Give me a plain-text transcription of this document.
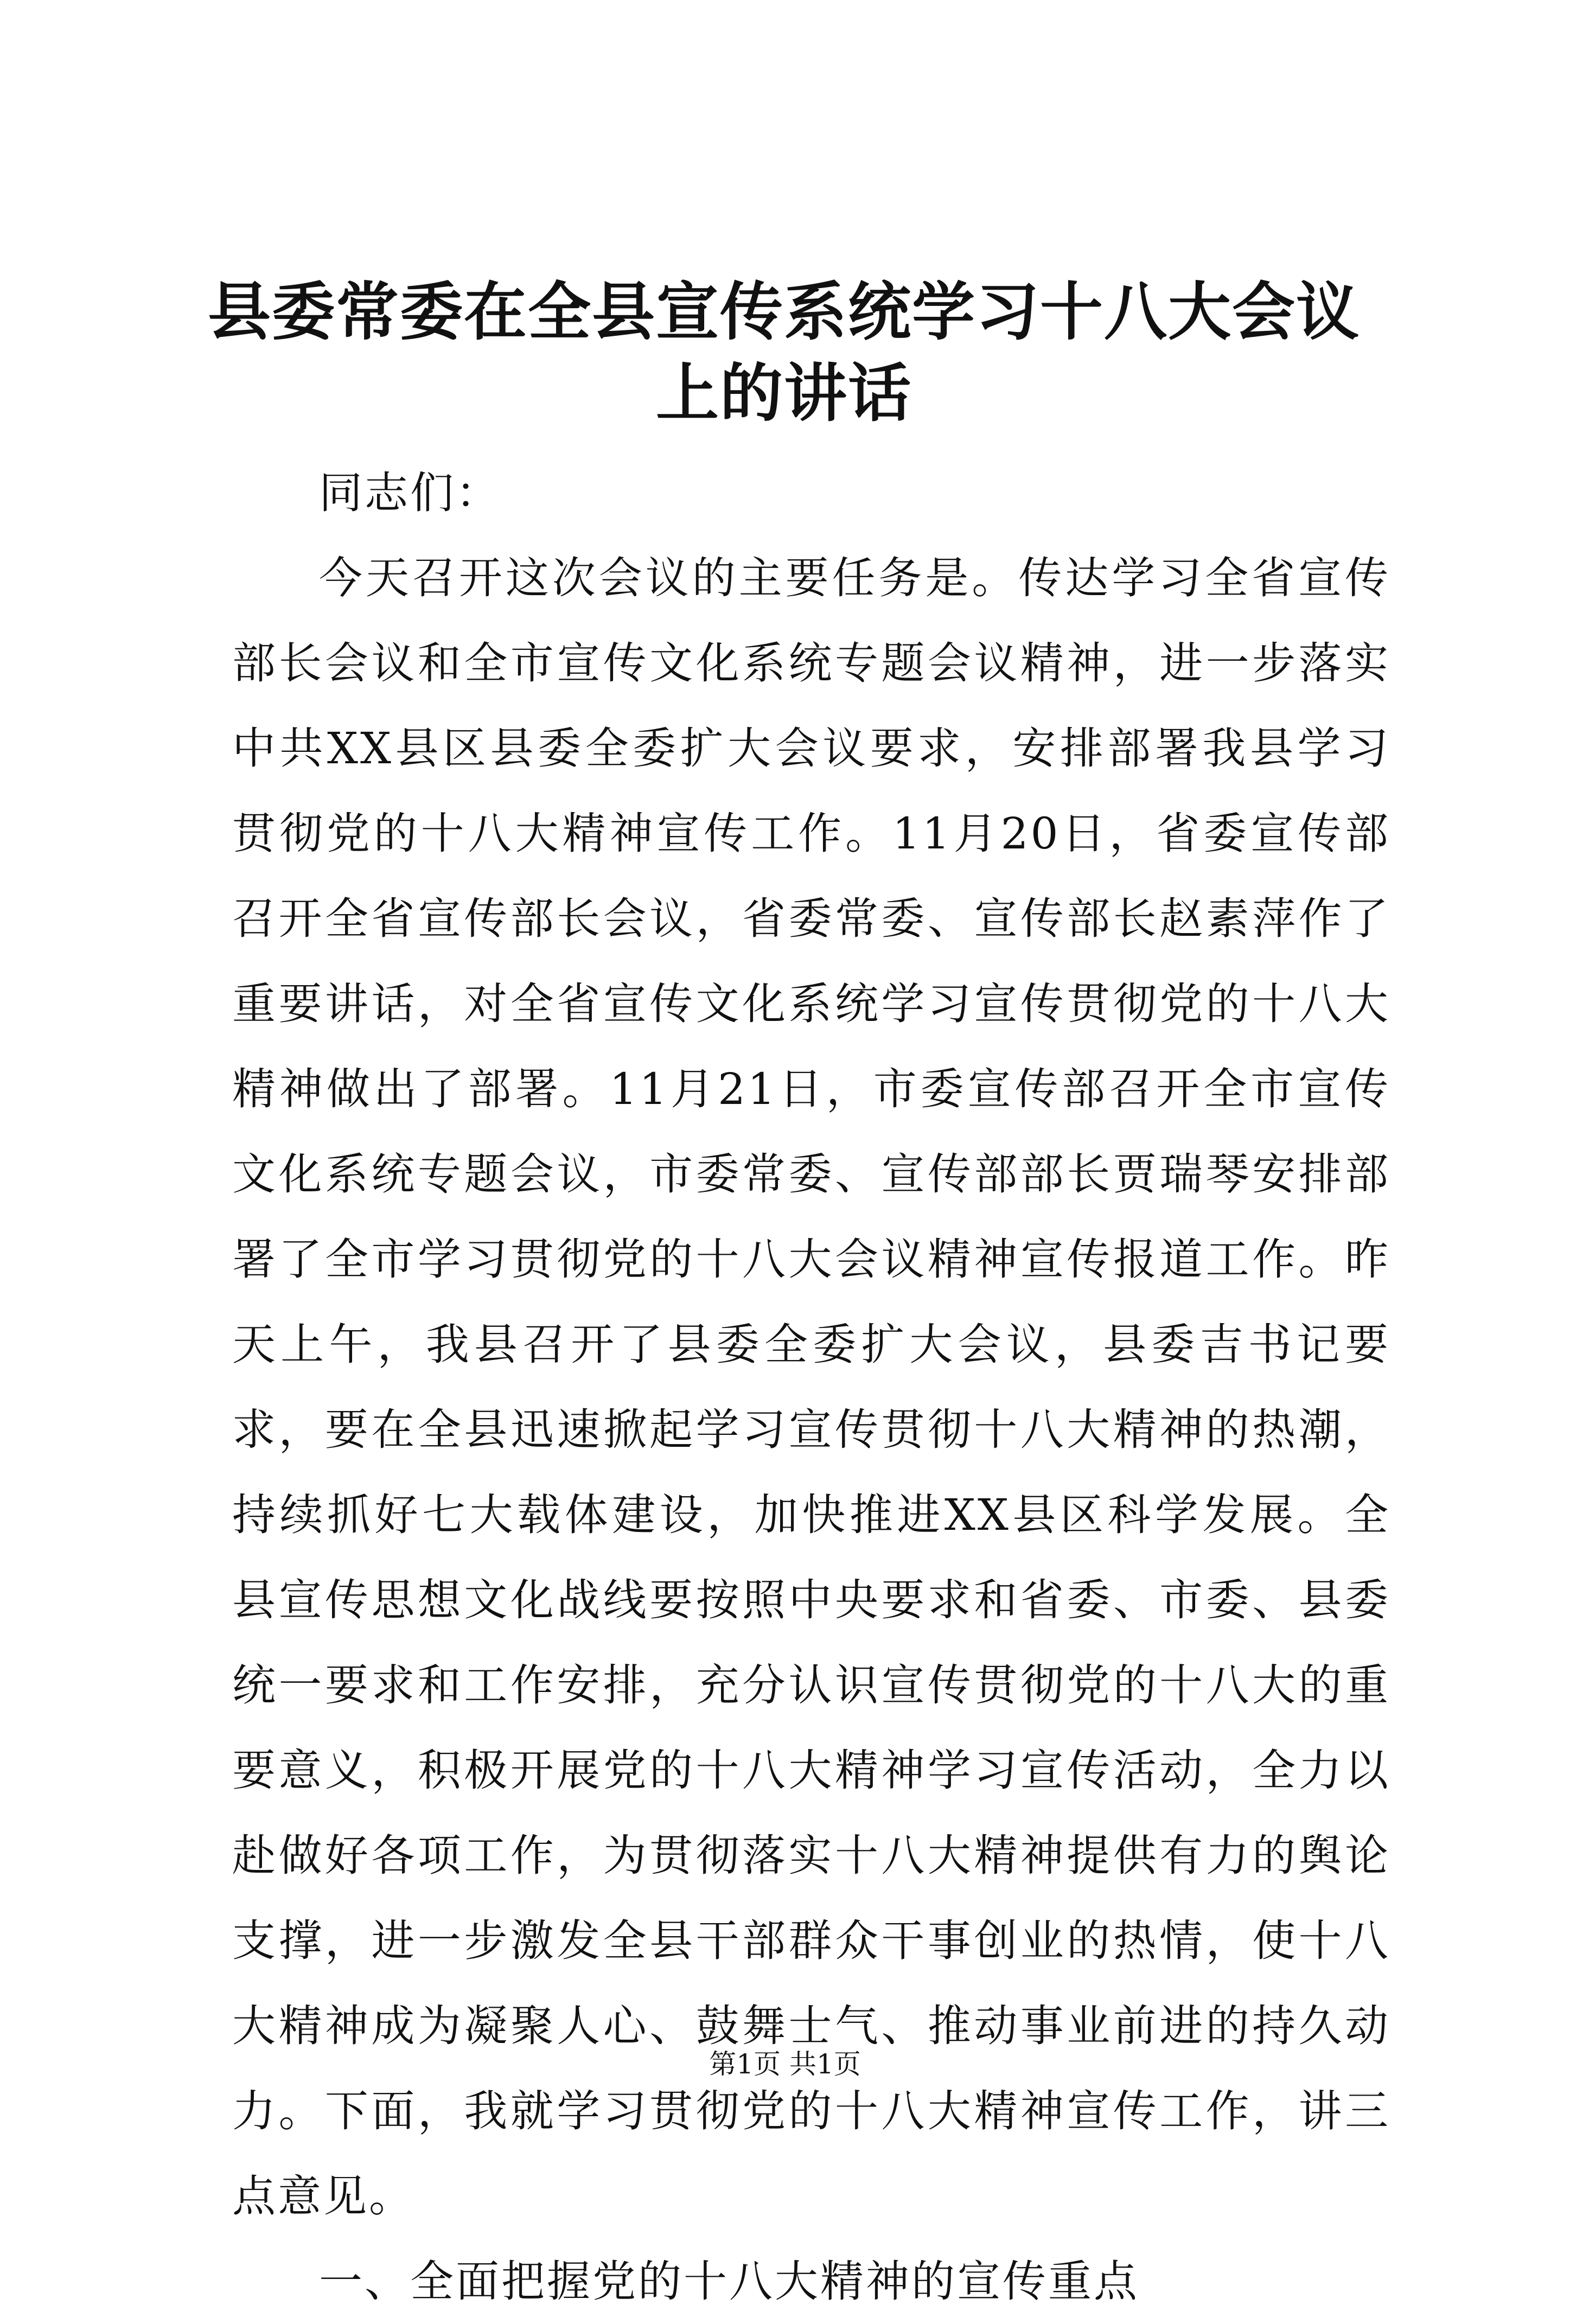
县委常委在全县宣传系统学习十八大会议上的讲话

同志们：

今天召开这次会议的主要任务是。传达学习全省宣传部长会议和全市宣传文化系统专题会议精神，进一步落实中共XX县区县委全委扩大会议要求，安排部署我县学习贯彻党的十八大精神宣传工作。11月20日，省委宣传部召开全省宣传部长会议，省委常委、宣传部长赵素萍作了重要讲话，对全省宣传文化系统学习宣传贯彻党的十八大精神做出了部署。11月21日，市委宣传部召开全市宣传文化系统专题会议，市委常委、宣传部部长贾瑞琴安排部署了全市学习贯彻党的十八大会议精神宣传报道工作。昨天上午，我县召开了县委全委扩大会议，县委吉书记要求，要在全县迅速掀起学习宣传贯彻十八大精神的热潮，持续抓好七大载体建设，加快推进XX县区科学发展。全县宣传思想文化战线要按照中央要求和省委、市委、县委统一要求和工作安排，充分认识宣传贯彻党的十八大的重要意义，积极开展党的十八大精神学习宣传活动，全力以赴做好各项工作，为贯彻落实十八大精神提供有力的舆论支撑，进一步激发全县干部群众干事创业的热情，使十八大精神成为凝聚人心、鼓舞士气、推动事业前进的持久动力。下面，我就学习贯彻党的十八大精神宣传工作，讲三点意见。

一、全面把握党的十八大精神的宣传重点

第1页 共1页
